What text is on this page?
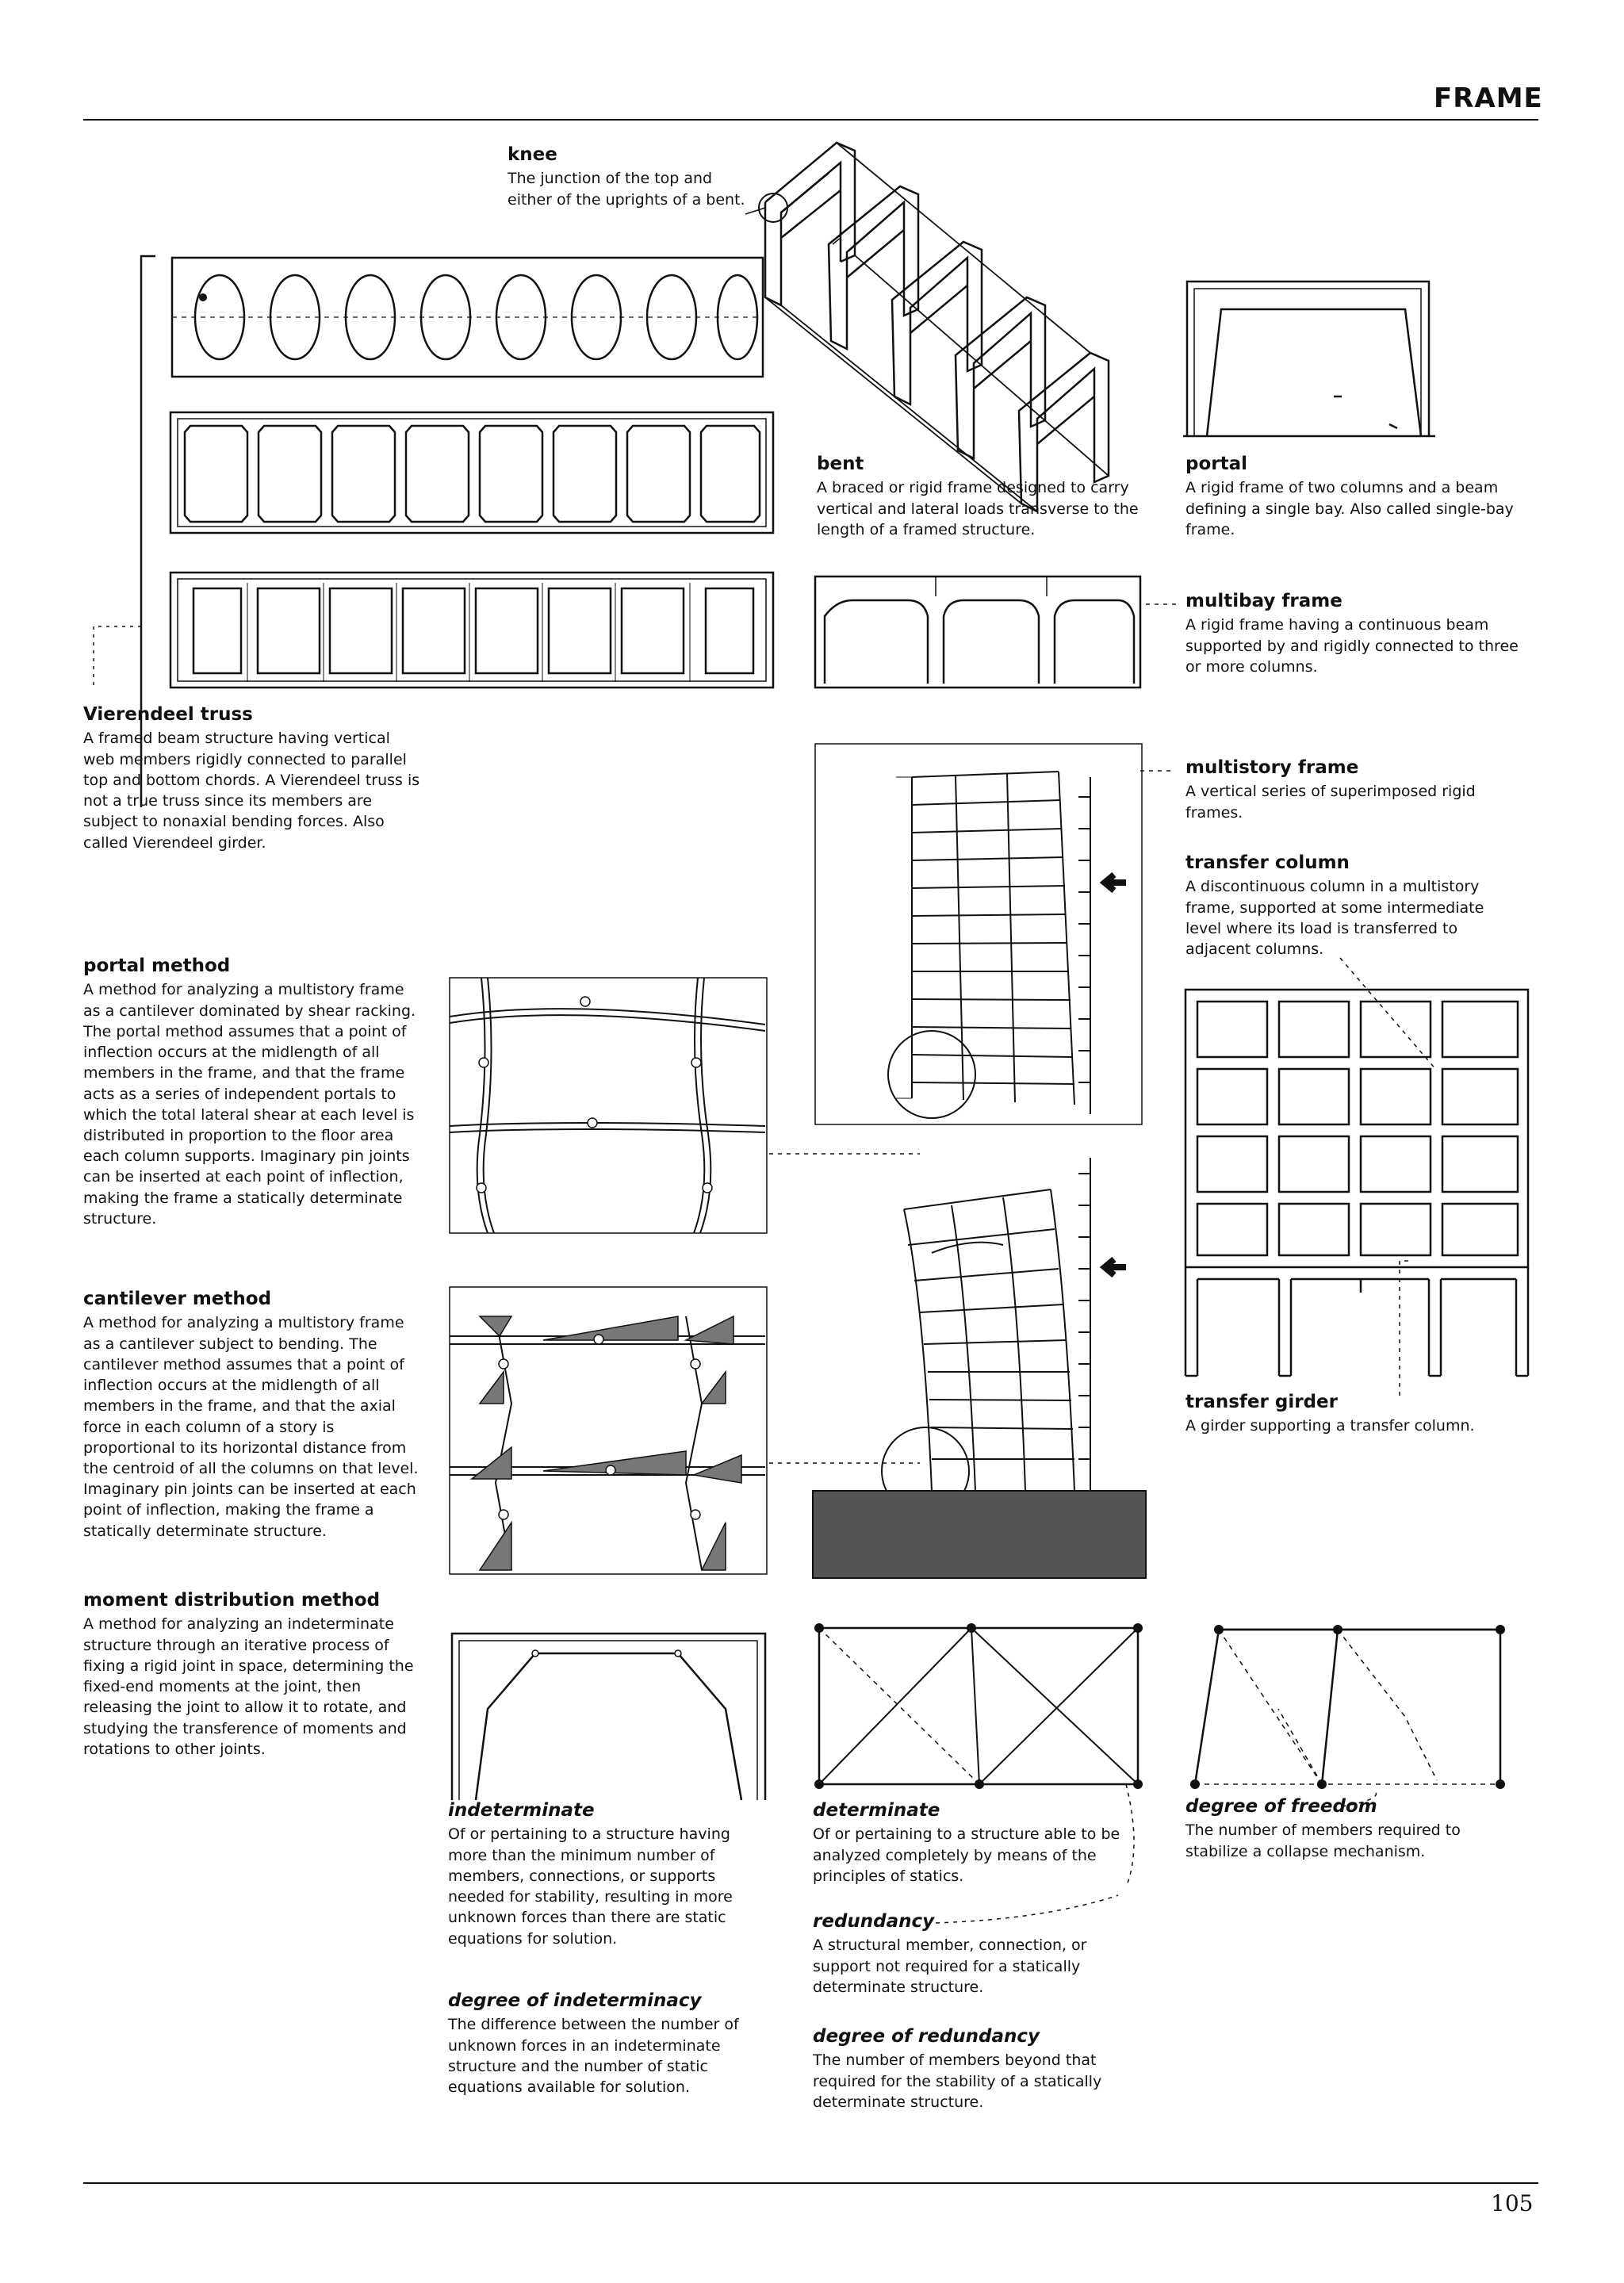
FRAME
knee
The junction of the top and either of the uprights of a bent.
bent
A braced or rigid frame designed to carry vertical and lateral loads transverse to the length of a framed structure.
portal
A rigid frame of two columns and a beam defining a single bay. Also called single-bay frame.
multibay frame
A rigid frame having a continuous beam supported by and rigidly connected to three or more columns.
Vierendeel truss
A framed beam structure having vertical web members rigidly connected to parallel top and bottom chords. A Vierendeel truss is not a true truss since its members are subject to nonaxial bending forces. Also called Vierendeel girder.
multistory frame
A vertical series of superimposed rigid frames.
transfer column
A discontinuous column in a multistory frame, supported at some intermediate level where its load is transferred to adjacent columns.
portal method
A method for analyzing a multistory frame as a cantilever dominated by shear racking. The portal method assumes that a point of inflection occurs at the midlength of all members in the frame, and that the frame acts as a series of independent portals to which the total lateral shear at each level is distributed in proportion to the floor area each column supports. Imaginary pin joints can be inserted at each point of inflection, making the frame a statically determinate structure.
cantilever method
A method for analyzing a multistory frame as a cantilever subject to bending. The cantilever method assumes that a point of inflection occurs at the midlength of all members in the frame, and that the axial force in each column of a story is proportional to its horizontal distance from the centroid of all the columns on that level. Imaginary pin joints can be inserted at each point of inflection, making the frame a statically determinate structure.
transfer girder
A girder supporting a transfer column.
moment distribution method
A method for analyzing an indeterminate structure through an iterative process of fixing a rigid joint in space, determining the fixed-end moments at the joint, then releasing the joint to allow it to rotate, and studying the transference of moments and rotations to other joints.
indeterminate
Of or pertaining to a structure having more than the minimum number of members, connections, or supports needed for stability, resulting in more unknown forces than there are static equations for solution.
degree of indeterminacy
The difference between the number of unknown forces in an indeterminate structure and the number of static equations available for solution.
determinate
Of or pertaining to a structure able to be analyzed completely by means of the principles of statics.
redundancy
A structural member, connection, or support not required for a statically determinate structure.
degree of redundancy
The number of members beyond that required for the stability of a statically determinate structure.
degree of freedom
The number of members required to stabilize a collapse mechanism.
105
